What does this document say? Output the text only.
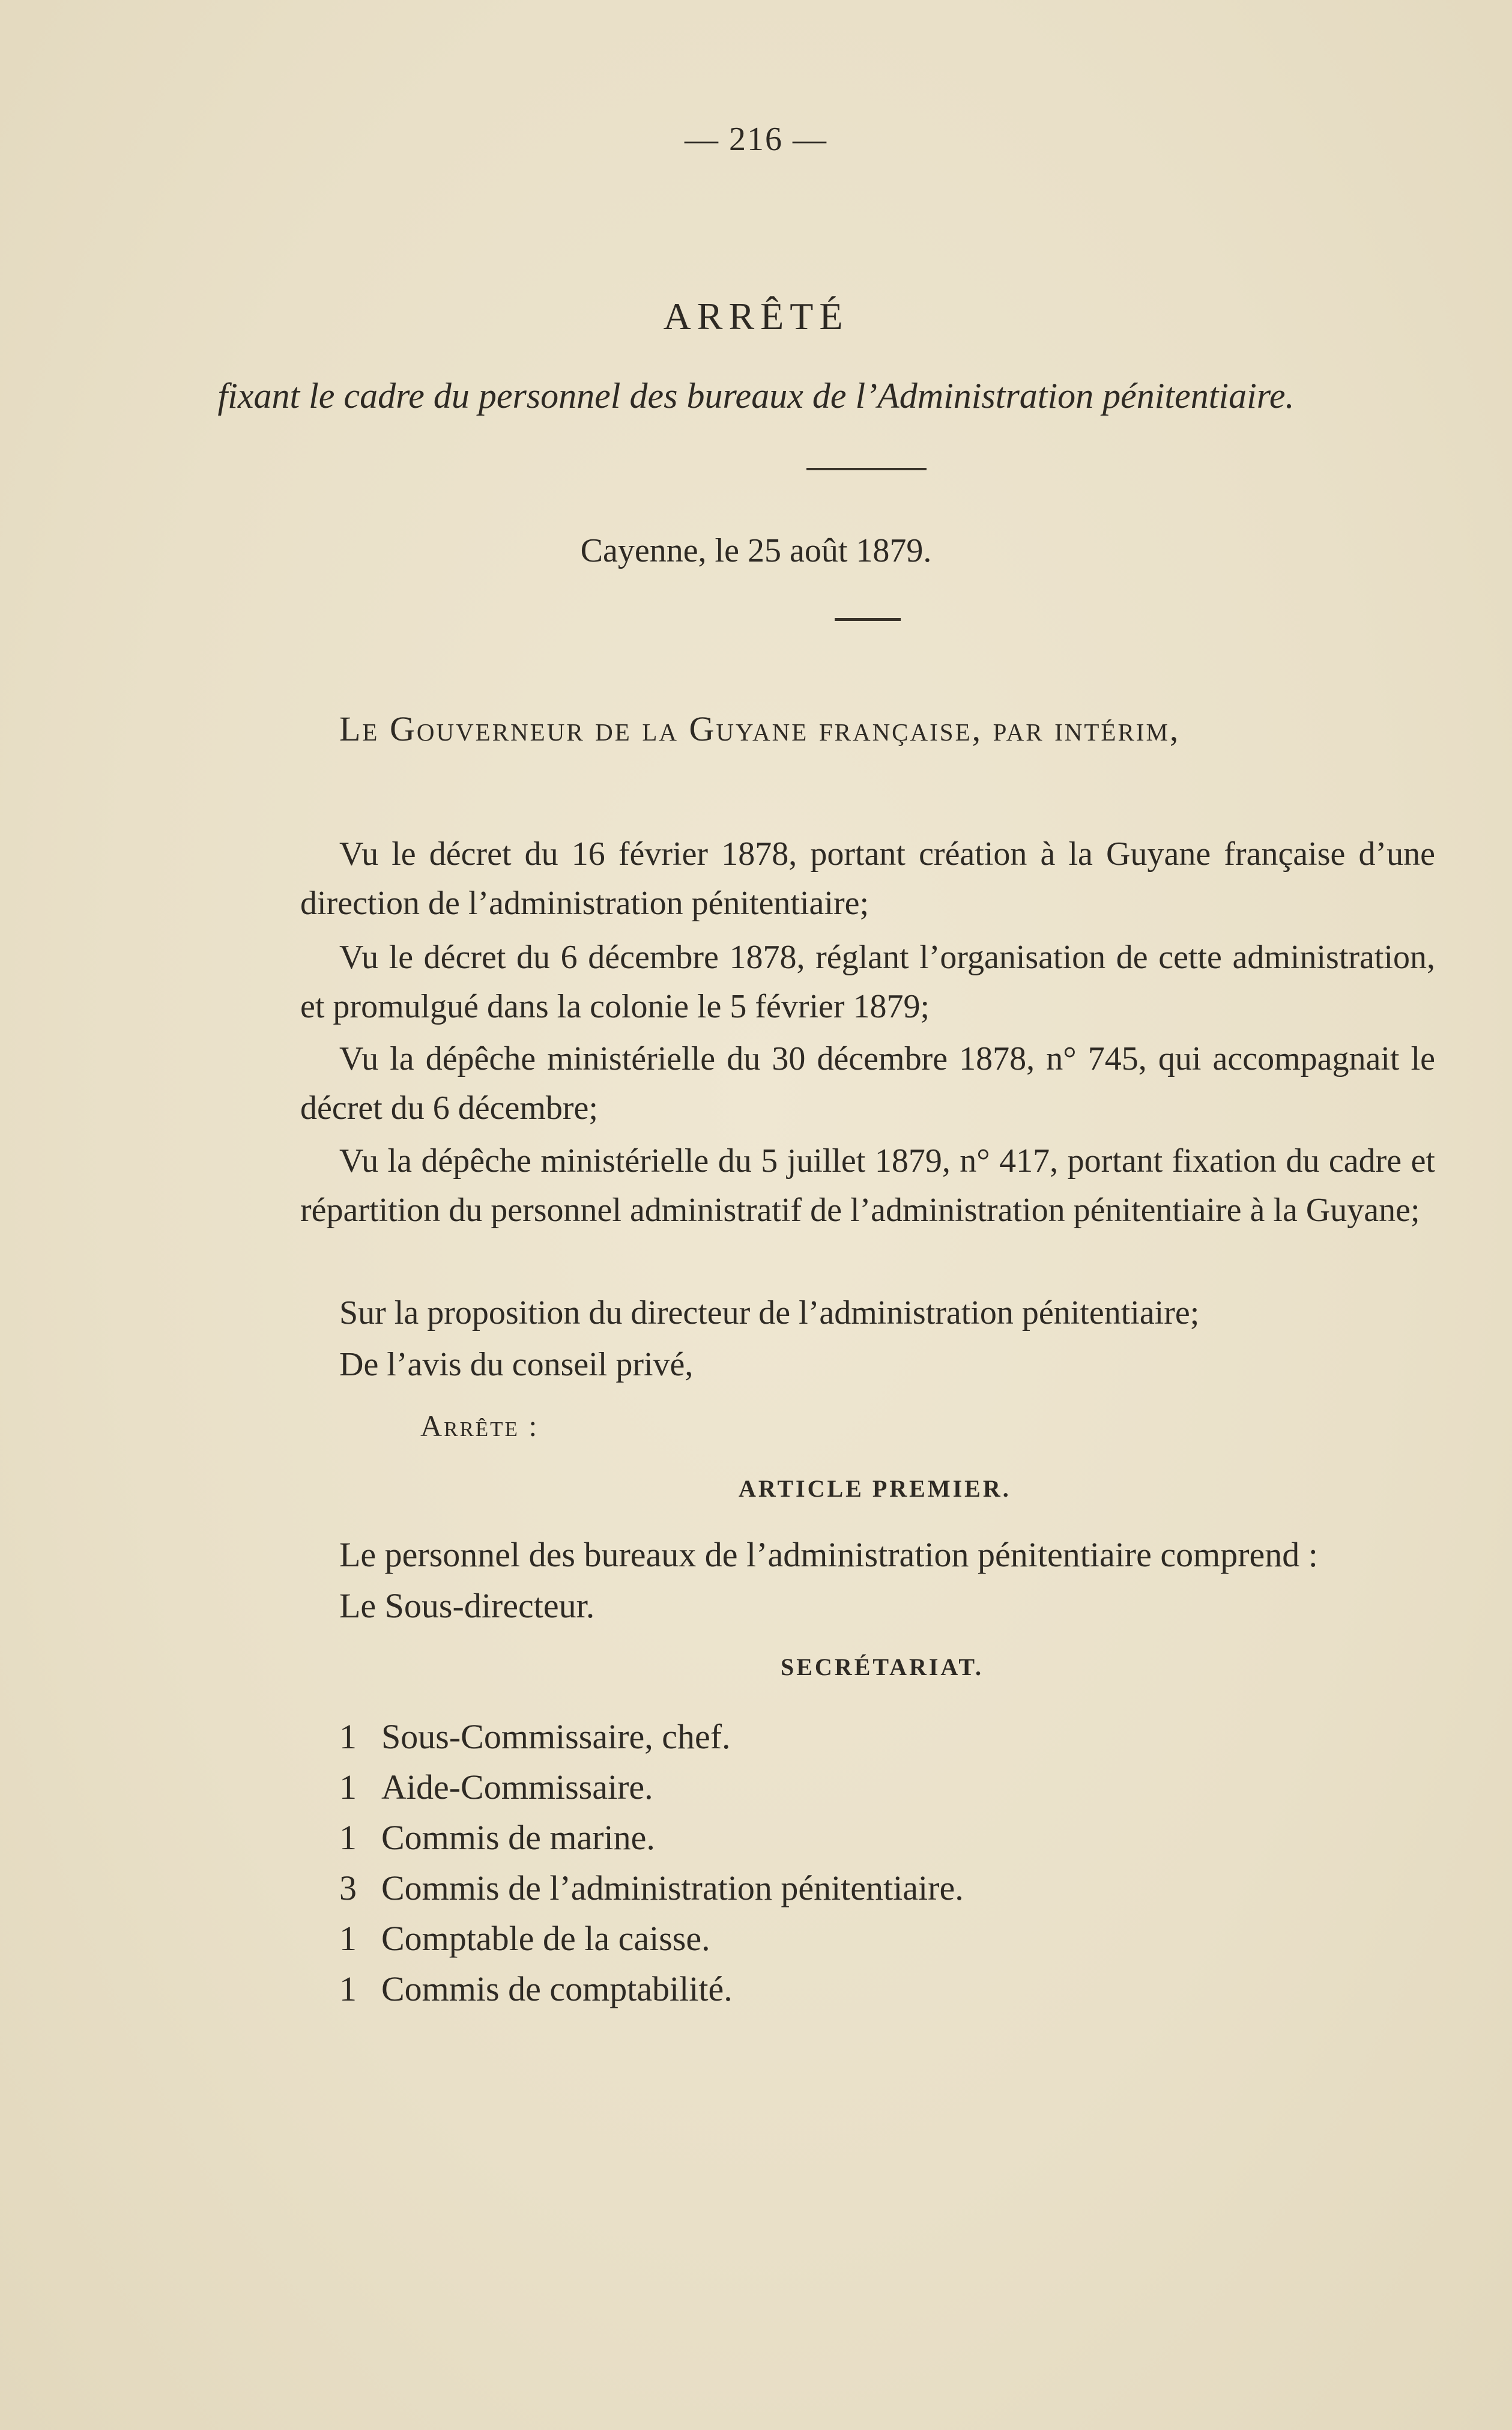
— 216 —
ARRÊTÉ
fixant le cadre du personnel des bureaux de l’Administration pénitentiaire.
Cayenne, le 25 août 1879.
Le Gouverneur de la Guyane française, par intérim,

Vu le décret du 16 février 1878, portant création à la Guyane française d’une direction de l’administration pénitentiaire;

Vu le décret du 6 décembre 1878, réglant l’organisation de cette administration, et promulgué dans la colonie le 5 février 1879;

Vu la dépêche ministérielle du 30 décembre 1878, n° 745, qui accompagnait le décret du 6 décembre;

Vu la dépêche ministérielle du 5 juillet 1879, n° 417, portant fixation du cadre et répartition du personnel administratif de l’administration pénitentiaire à la Guyane;

Sur la proposition du directeur de l’administration pénitentiaire;

De l’avis du conseil privé,

Arrête :
ARTICLE PREMIER.
Le personnel des bureaux de l’administration pénitentiaire comprend :
Le Sous-directeur.
SECRÉTARIAT.
1 Sous-Commissaire, chef.
1 Aide-Commissaire.
1 Commis de marine.
3 Commis de l’administration pénitentiaire.
1 Comptable de la caisse.
1 Commis de comptabilité.
